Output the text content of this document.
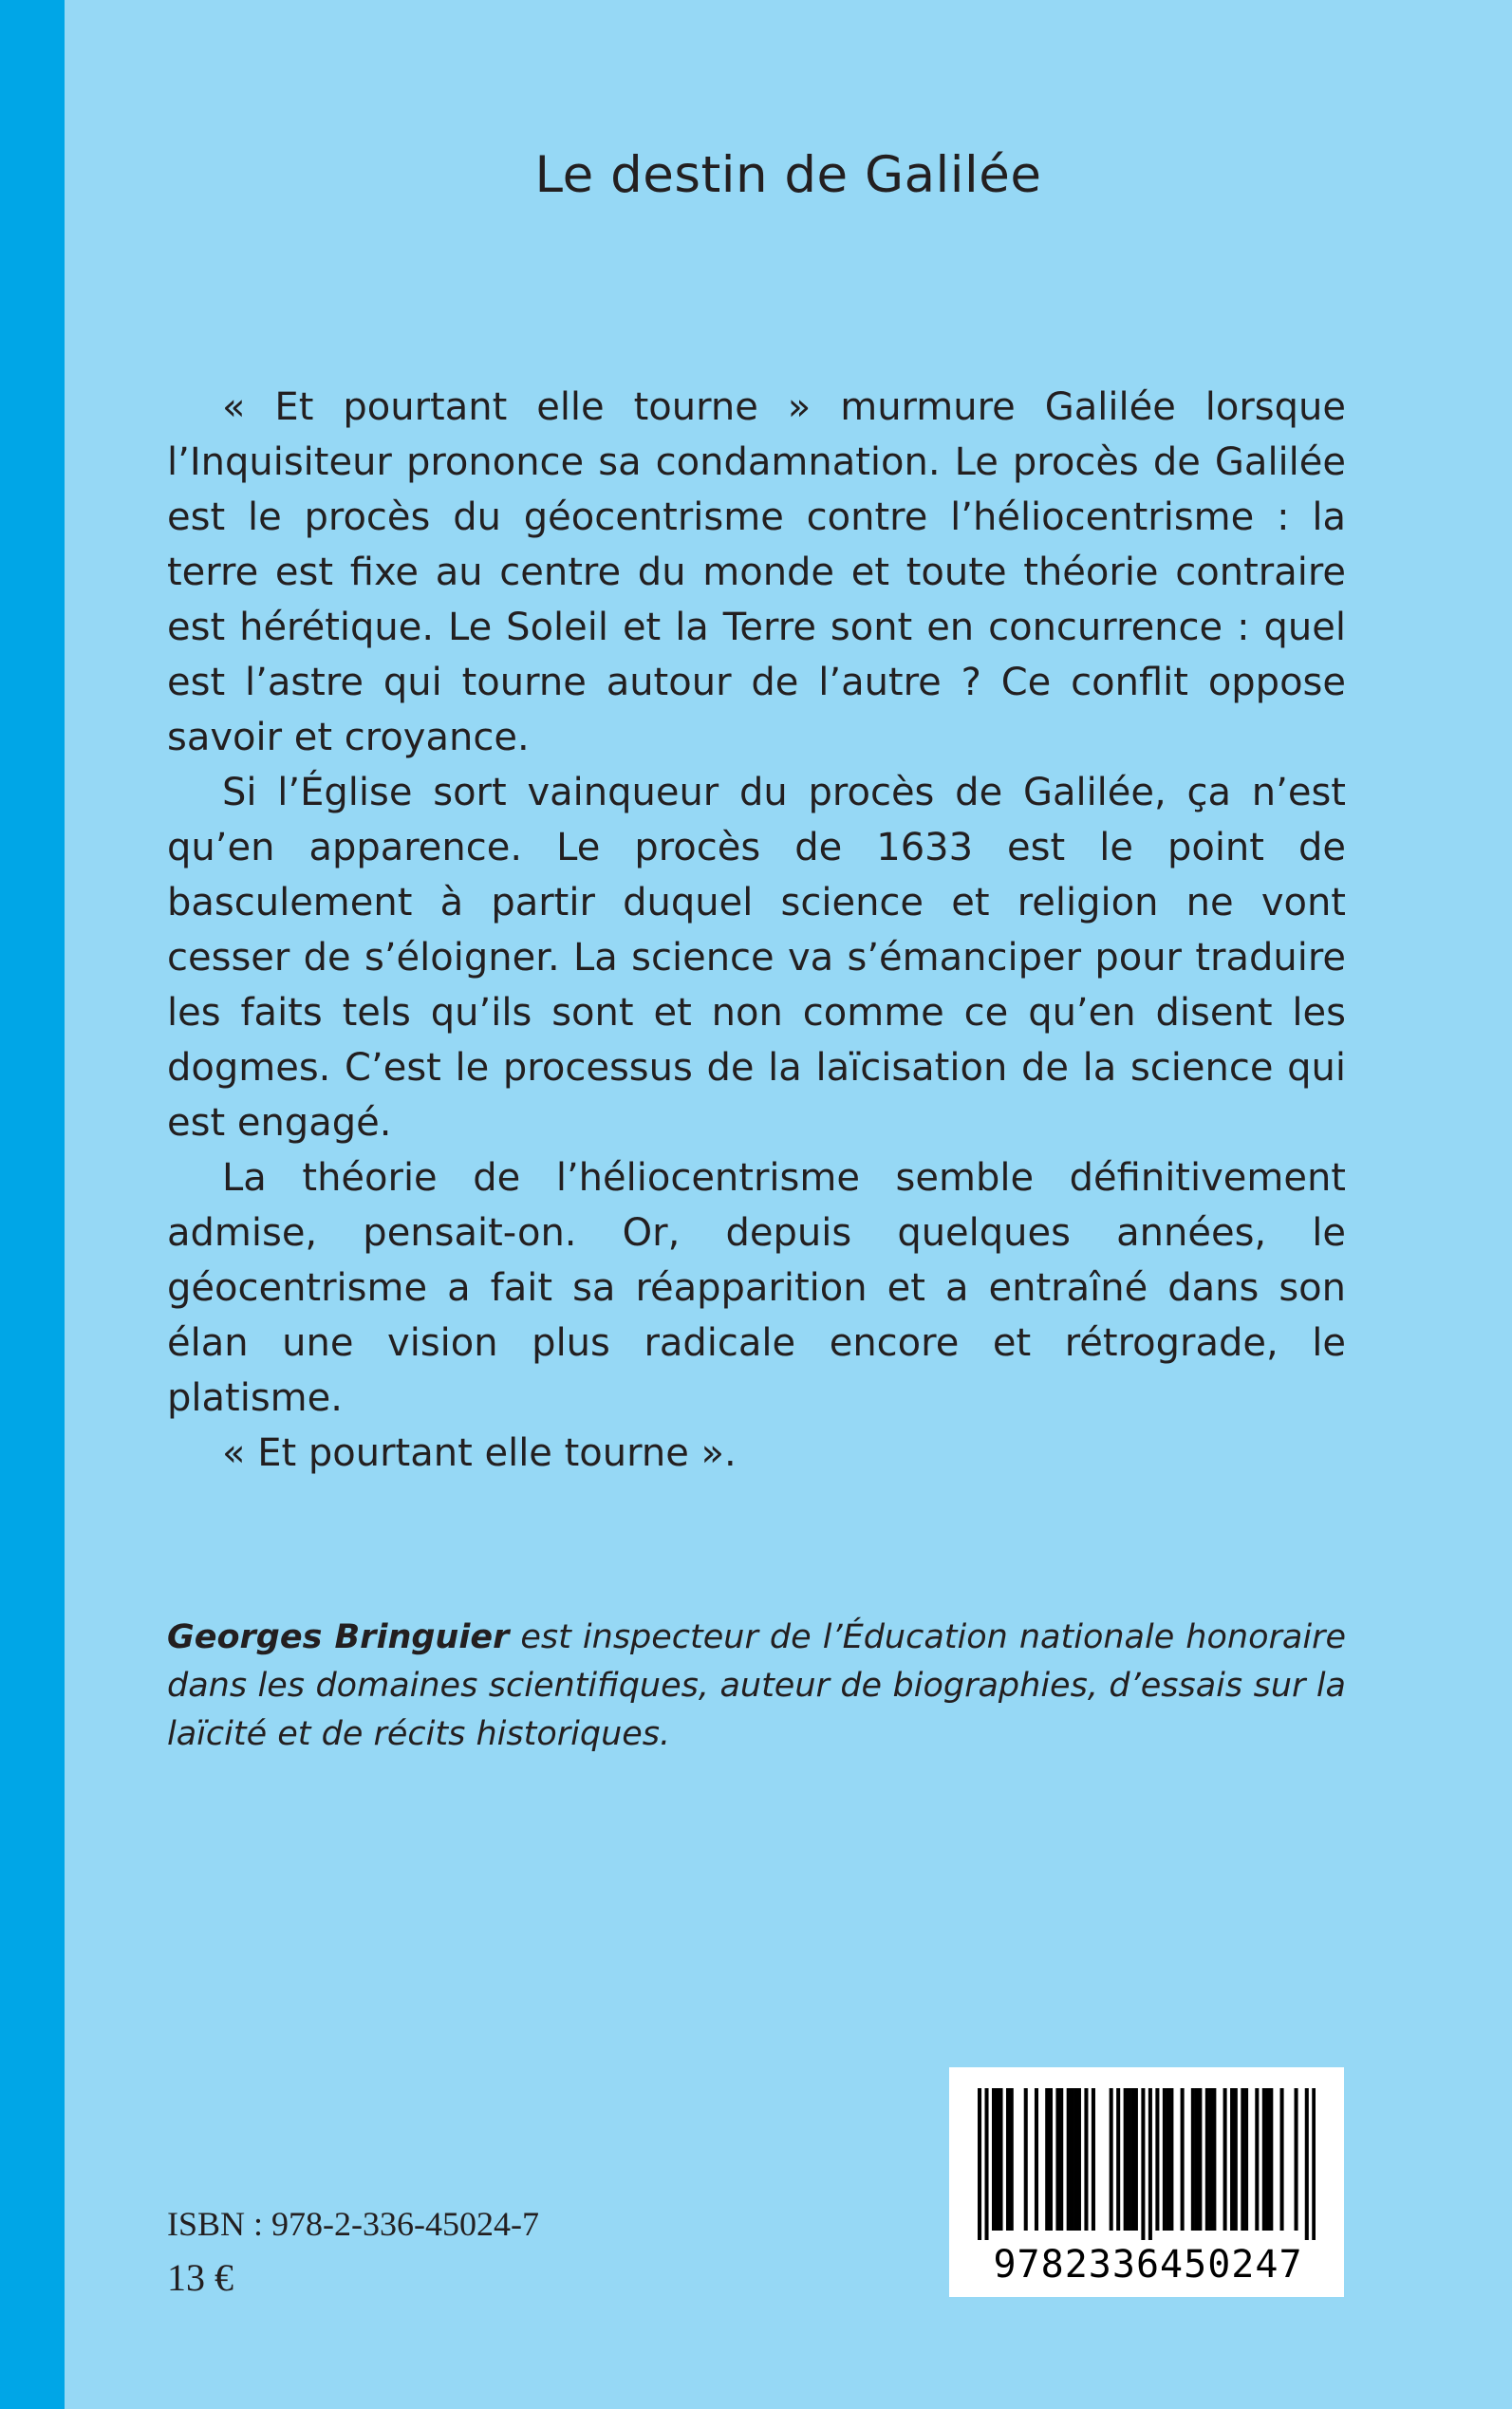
Le destin de Galilée

« Et pourtant elle tourne » murmure Galilée lorsque l’Inquisiteur prononce sa condamnation. Le procès de Galilée est le procès du géocentrisme contre l’héliocentrisme : la terre est fixe au centre du monde et toute théorie contraire est hérétique. Le Soleil et la Terre sont en concurrence : quel est l’astre qui tourne autour de l’autre ? Ce conflit oppose savoir et croyance.

Si l’Église sort vainqueur du procès de Galilée, ça n’est qu’en apparence. Le procès de 1633 est le point de basculement à partir duquel science et religion ne vont cesser de s’éloigner. La science va s’émanciper pour traduire les faits tels qu’ils sont et non comme ce qu’en disent les dogmes. C’est le processus de la laïcisation de la science qui est engagé.

La théorie de l’héliocentrisme semble définitivement admise, pensait-on. Or, depuis quelques années, le géocentrisme a fait sa réapparition et a entraîné dans son élan une vision plus radicale encore et rétrograde, le platisme.

« Et pourtant elle tourne ».

Georges Bringuier est inspecteur de l’Éducation nationale honoraire dans les domaines scientifiques, auteur de biographies, d’essais sur la laïcité et de récits historiques.
ISBN : 978-2-336-45024-7
13 €	9782336450247
